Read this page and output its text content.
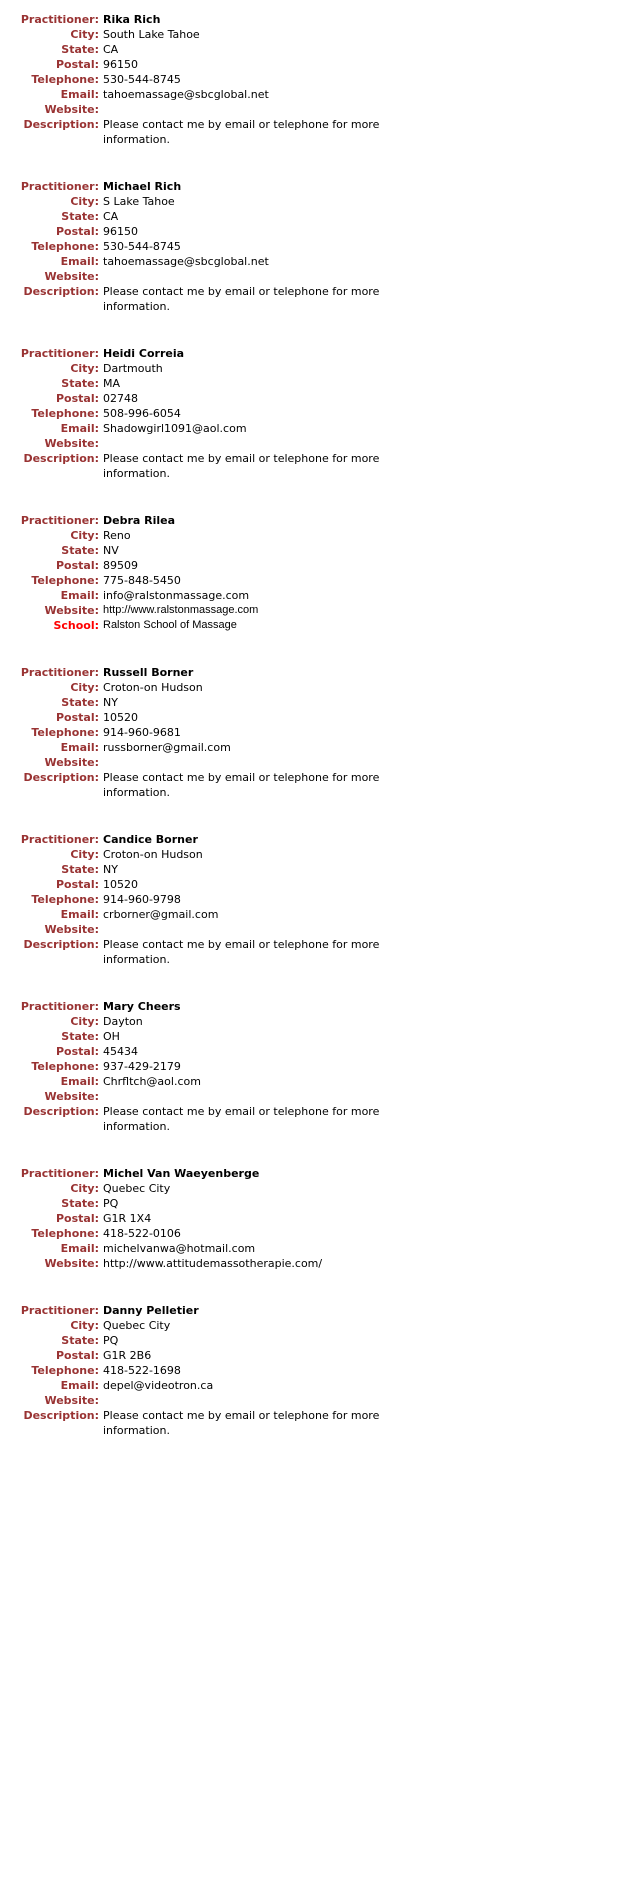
Practitioner: Rika Rich
City: South Lake Tahoe
State: CA
Postal: 96150
Telephone: 530-544-8745
Email: tahoemassage@sbcglobal.net
Website:
Description: Please contact me by email or telephone for more information.
Practitioner: Michael Rich
City: S Lake Tahoe
State: CA
Postal: 96150
Telephone: 530-544-8745
Email: tahoemassage@sbcglobal.net
Website:
Description: Please contact me by email or telephone for more information.
Practitioner: Heidi Correia
City: Dartmouth
State: MA
Postal: 02748
Telephone: 508-996-6054
Email: Shadowgirl1091@aol.com
Website:
Description: Please contact me by email or telephone for more information.
Practitioner: Debra Rilea
City: Reno
State: NV
Postal: 89509
Telephone: 775-848-5450
Email: info@ralstonmassage.com
Website: http://www.ralstonmassage.com
School: Ralston School of Massage
Practitioner: Russell Borner
City: Croton-on Hudson
State: NY
Postal: 10520
Telephone: 914-960-9681
Email: russborner@gmail.com
Website:
Description: Please contact me by email or telephone for more information.
Practitioner: Candice Borner
City: Croton-on Hudson
State: NY
Postal: 10520
Telephone: 914-960-9798
Email: crborner@gmail.com
Website:
Description: Please contact me by email or telephone for more information.
Practitioner: Mary Cheers
City: Dayton
State: OH
Postal: 45434
Telephone: 937-429-2179
Email: Chrfltch@aol.com
Website:
Description: Please contact me by email or telephone for more information.
Practitioner: Michel Van Waeyenberge
City: Quebec City
State: PQ
Postal: G1R 1X4
Telephone: 418-522-0106
Email: michelvanwa@hotmail.com
Website: http://www.attitudemassotherapie.com/
Practitioner: Danny Pelletier
City: Quebec City
State: PQ
Postal: G1R 2B6
Telephone: 418-522-1698
Email: depel@videotron.ca
Website:
Description: Please contact me by email or telephone for more information.
